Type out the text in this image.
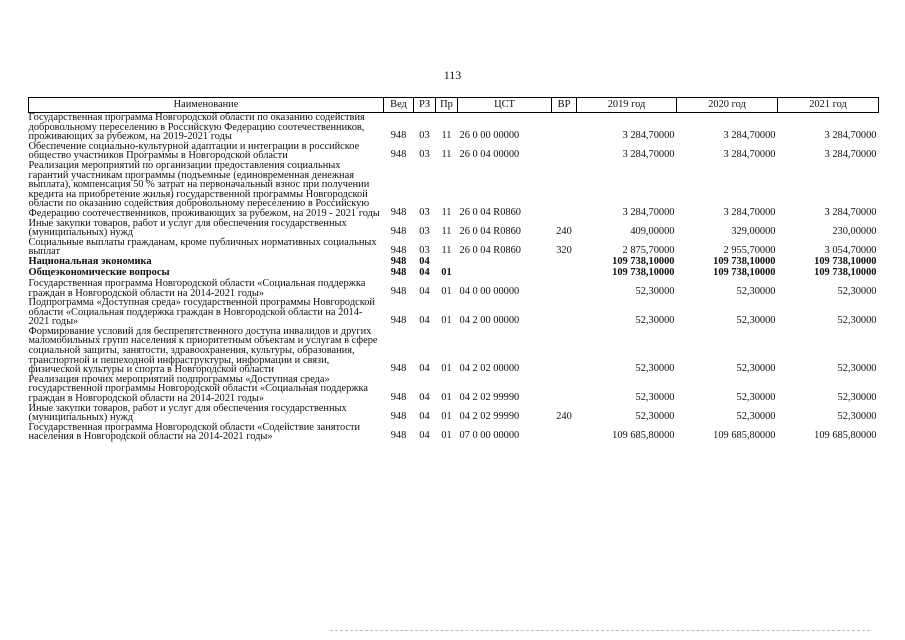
113
Наименование	Вед	РЗ	Пр	ЦСТ	ВР	2019 год	2020 год	2021 год
Государственная программа Новгородской области по оказанию содействия добровольному переселению в Российскую Федерацию соотечественников, проживающих за рубежом, на 2019-2021 годы	948	03	11	26 0 00 00000		3 284,70000	3 284,70000	3 284,70000
Обеспечение социально-культурной адаптации и интеграции в российское общество участников Программы в Новгородской области	948	03	11	26 0 04 00000		3 284,70000	3 284,70000	3 284,70000
Реализация мероприятий по организации предоставления социальных гарантий участникам программы (подъемные (единовременная денежная выплата), компенсация 50 % затрат на первоначальный взнос при получении кредита на приобретение жилья) государственной программы Новгородской области по оказанию содействия добровольному переселению в Российскую Федерацию соотечественников, проживающих за рубежом, на 2019 - 2021 годы	948	03	11	26 0 04 R0860		3 284,70000	3 284,70000	3 284,70000
Иные закупки товаров, работ и услуг для обеспечения государственных (муниципальных) нужд	948	03	11	26 0 04 R0860	240	409,00000	329,00000	230,00000
Социальные выплаты гражданам, кроме публичных нормативных социальных выплат	948	03	11	26 0 04 R0860	320	2 875,70000	2 955,70000	3 054,70000
Национальная экономика	948	04				109 738,10000	109 738,10000	109 738,10000
Общеэкономические вопросы	948	04	01			109 738,10000	109 738,10000	109 738,10000
Государственная программа Новгородской области «Социальная поддержка граждан в Новгородской области на 2014-2021 годы»	948	04	01	04 0 00 00000		52,30000	52,30000	52,30000
Подпрограмма «Доступная среда» государственной программы Новгородской области «Социальная поддержка граждан в Новгородской области на 2014-2021 годы»	948	04	01	04 2 00 00000		52,30000	52,30000	52,30000
Формирование условий для беспрепятственного доступа инвалидов и других маломобильных групп населения к приоритетным объектам и услугам в сфере социальной защиты, занятости, здравоохранения, культуры, образования, транспортной и пешеходной инфраструктуры, информации и связи, физической культуры и спорта в Новгородской области	948	04	01	04 2 02 00000		52,30000	52,30000	52,30000
Реализация прочих мероприятий подпрограммы «Доступная среда» государственной программы Новгородской области «Социальная поддержка граждан в Новгородской области на 2014-2021 годы»	948	04	01	04 2 02 99990		52,30000	52,30000	52,30000
Иные закупки товаров, работ и услуг для обеспечения государственных (муниципальных) нужд	948	04	01	04 2 02 99990	240	52,30000	52,30000	52,30000
Государственная программа Новгородской области «Содействие занятости населения в Новгородской области на 2014-2021 годы»	948	04	01	07 0 00 00000		109 685,80000	109 685,80000	109 685,80000
